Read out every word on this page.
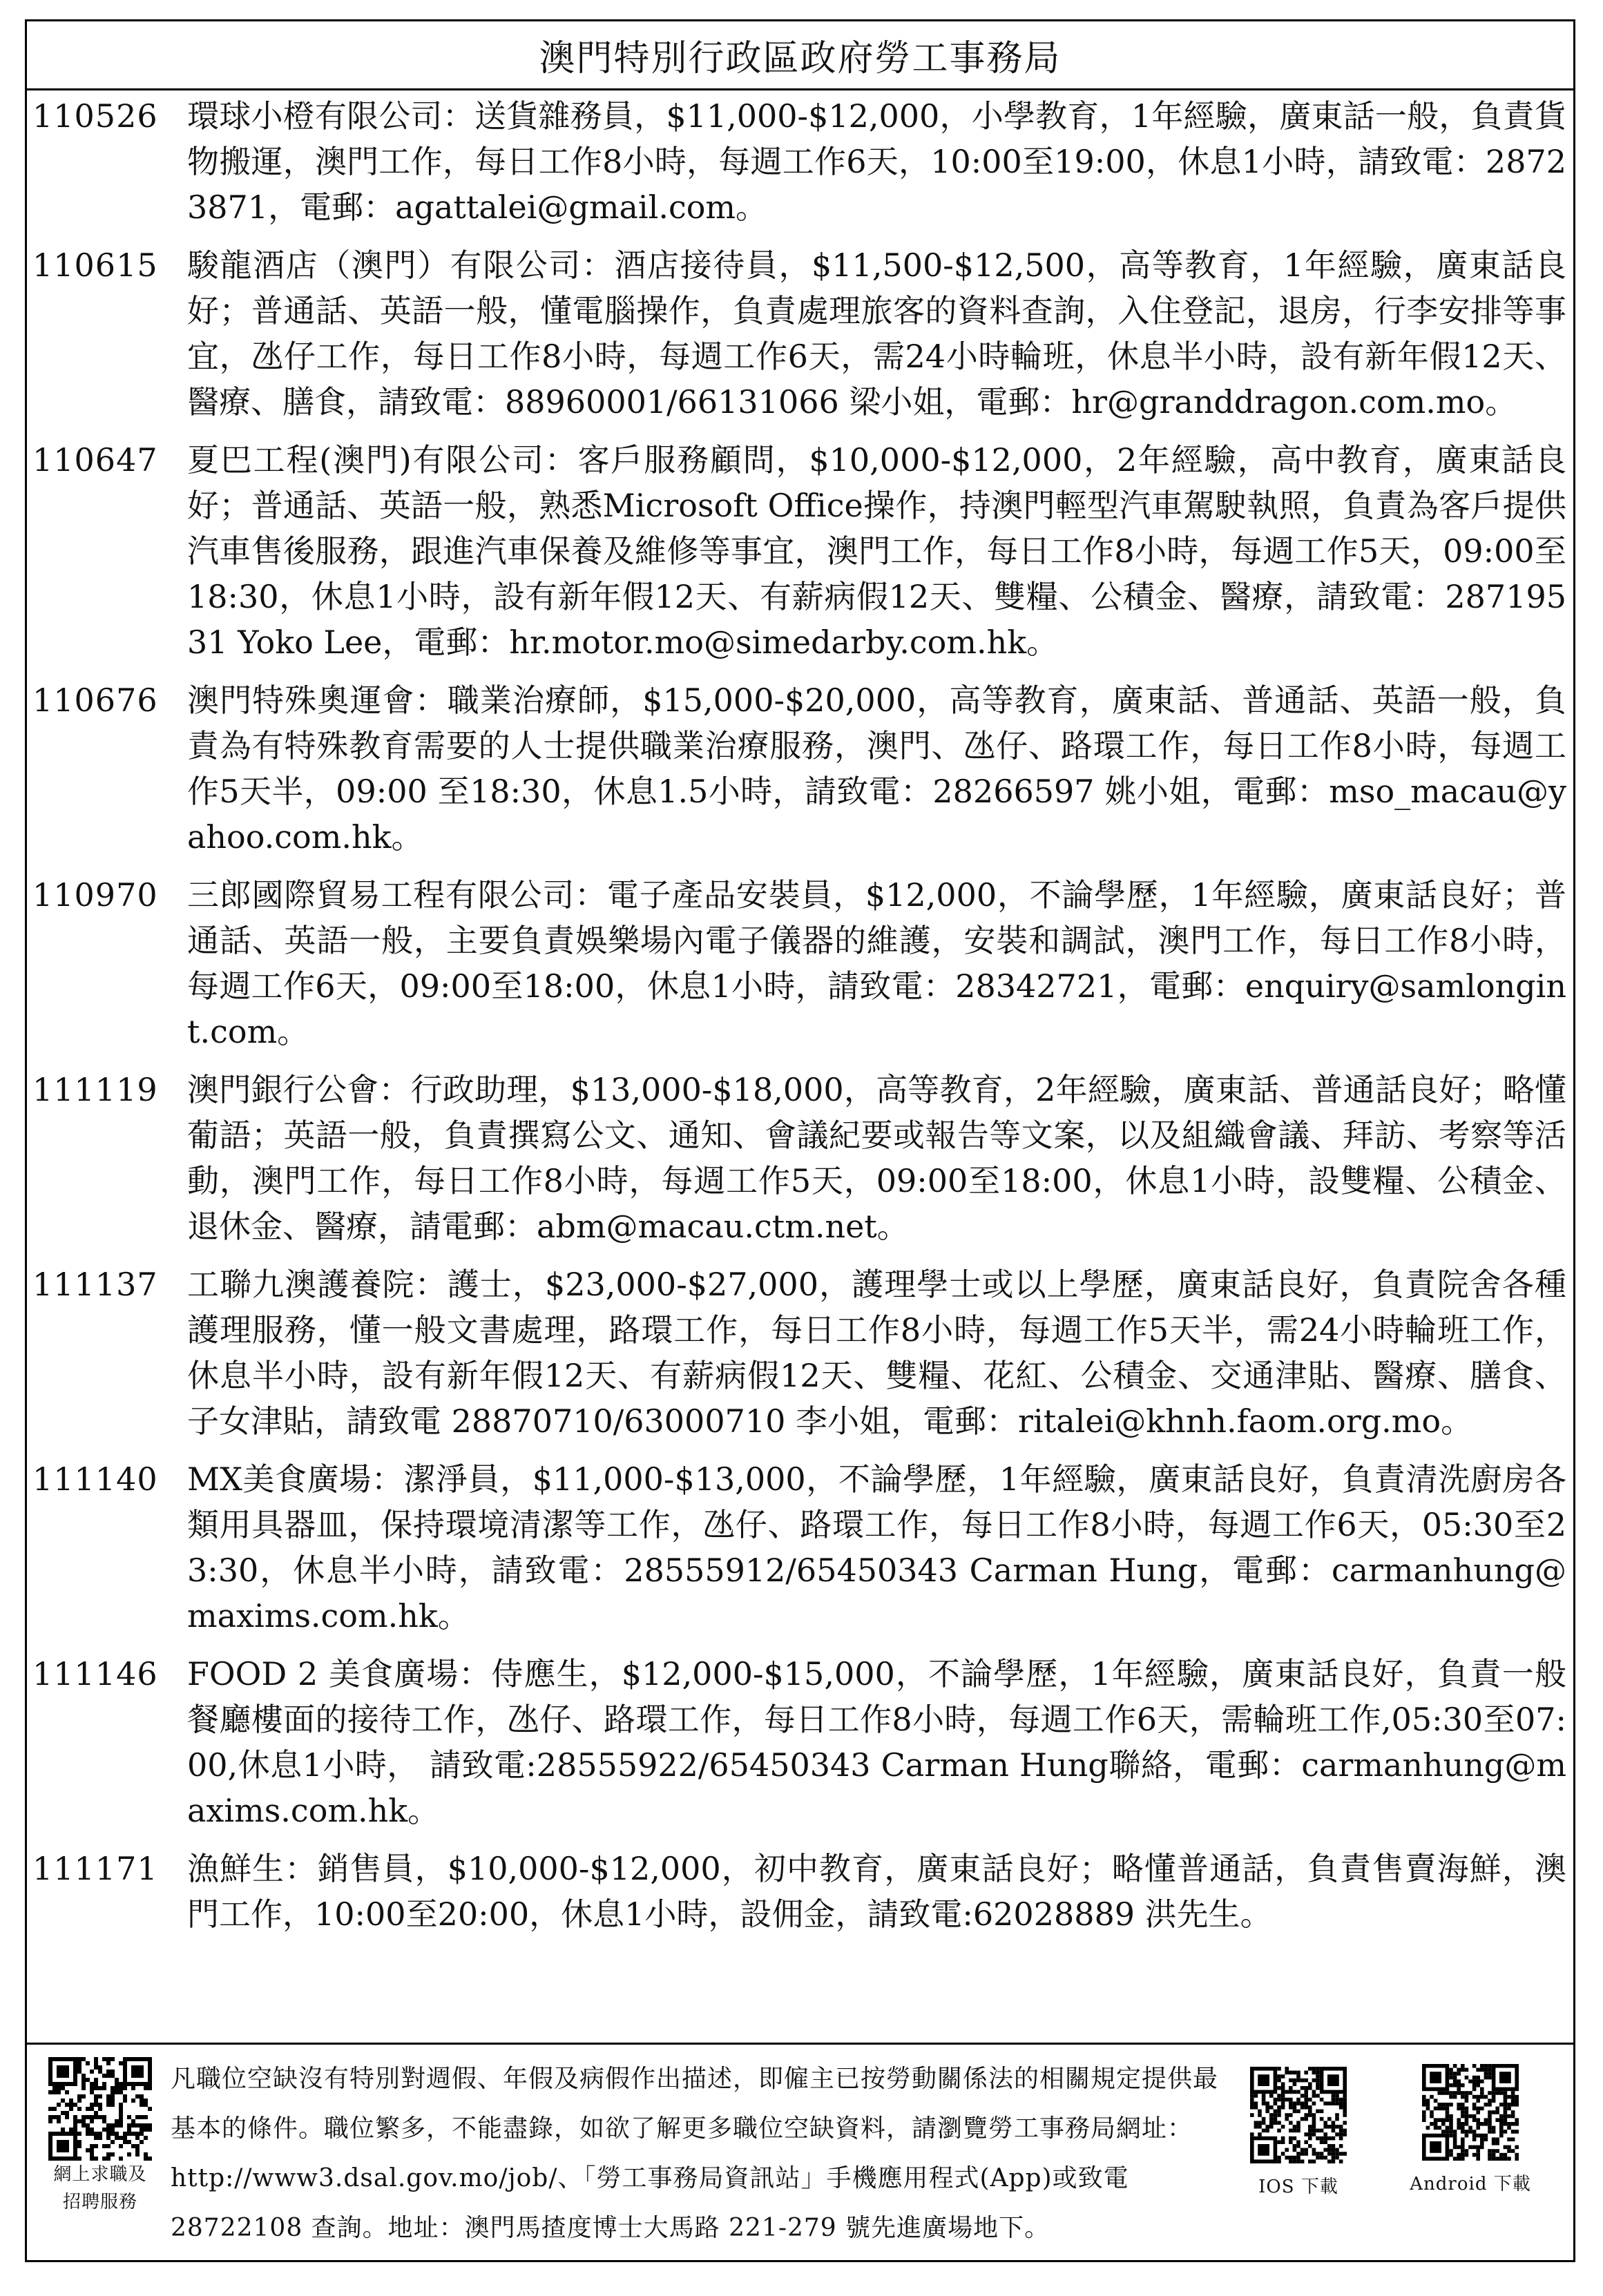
澳門特別行政區政府勞工事務局
110526 環球小橙有限公司：送貨雜務員，$11,000-$12,000，小學教育，1年經驗，廣東話一般，負責貨物搬運，澳門工作，每日工作8小時，每週工作6天，10:00至19:00，休息1小時，請致電：28723871，電郵：agattalei@gmail.com。
110615 駿龍酒店（澳門）有限公司：酒店接待員，$11,500-$12,500，高等教育，1年經驗，廣東話良好；普通話、英語一般，懂電腦操作，負責處理旅客的資料查詢，入住登記，退房，行李安排等事宜，氹仔工作，每日工作8小時，每週工作6天，需24小時輪班，休息半小時，設有新年假12天、醫療、膳食，請致電：88960001/66131066 梁小姐，電郵：hr@granddragon.com.mo。
110647 夏巴工程(澳門)有限公司：客戶服務顧問，$10,000-$12,000，2年經驗，高中教育，廣東話良好；普通話、英語一般，熟悉Microsoft Office操作，持澳門輕型汽車駕駛執照，負責為客戶提供汽車售後服務，跟進汽車保養及維修等事宜，澳門工作，每日工作8小時，每週工作5天，09:00至 18:30，休息1小時，設有新年假12天、有薪病假12天、雙糧、公積金、醫療，請致電：28719531 Yoko Lee，電郵：hr.motor.mo@simedarby.com.hk。
110676 澳門特殊奧運會：職業治療師，$15,000-$20,000，高等教育，廣東話、普通話、英語一般，負責為有特殊教育需要的人士提供職業治療服務，澳門、氹仔、路環工作，每日工作8小時，每週工作5天半，09:00 至18:30，休息1.5小時，請致電：28266597 姚小姐，電郵：mso_macau@yahoo.com.hk。
110970 三郎國際貿易工程有限公司：電子產品安裝員，$12,000，不論學歷，1年經驗，廣東話良好；普通話、英語一般，主要負責娛樂場內電子儀器的維護，安裝和調試，澳門工作，每日工作8小時，每週工作6天，09:00至18:00，休息1小時，請致電：28342721，電郵：enquiry@samlongint.com。
111119 澳門銀行公會：行政助理，$13,000-$18,000，高等教育，2年經驗，廣東話、普通話良好；略懂葡語；英語一般，負責撰寫公文、通知、會議紀要或報告等文案，以及組織會議、拜訪、考察等活動，澳門工作，每日工作8小時，每週工作5天，09:00至18:00，休息1小時，設雙糧、公積金、退休金、醫療，請電郵：abm@macau.ctm.net。
111137 工聯九澳護養院：護士，$23,000-$27,000，護理學士或以上學歷，廣東話良好，負責院舍各種護理服務，懂一般文書處理，路環工作，每日工作8小時，每週工作5天半，需24小時輪班工作，休息半小時，設有新年假12天、有薪病假12天、雙糧、花紅、公積金、交通津貼、醫療、膳食、子女津貼，請致電 28870710/63000710 李小姐，電郵：ritalei@khnh.faom.org.mo。
111140 MX美食廣場：潔淨員，$11,000-$13,000，不論學歷，1年經驗，廣東話良好，負責清洗廚房各類用具器皿，保持環境清潔等工作，氹仔、路環工作，每日工作8小時，每週工作6天，05:30至23:30，休息半小時，請致電：28555912/65450343 Carman Hung，電郵：carmanhung@maxims.com.hk。
111146 FOOD 2 美食廣場：侍應生，$12,000-$15,000，不論學歷，1年經驗，廣東話良好，負責一般餐廳樓面的接待工作，氹仔、路環工作，每日工作8小時，每週工作6天，需輪班工作,05:30至07:00,休息1小時， 請致電:28555922/65450343 Carman Hung聯絡，電郵：carmanhung@maxims.com.hk。
111171 漁鮮生：銷售員，$10,000-$12,000，初中教育，廣東話良好；略懂普通話，負責售賣海鮮，澳門工作，10:00至20:00，休息1小時，設佣金，請致電:62028889 洪先生。
網上求職及
招聘服務
凡職位空缺沒有特別對週假、年假及病假作出描述，即僱主已按勞動關係法的相關規定提供最基本的條件。職位繁多，不能盡錄，如欲了解更多職位空缺資料，請瀏覽勞工事務局網址：http://www3.dsal.gov.mo/job/、「勞工事務局資訊站」手機應用程式(App)或致電 28722108 查詢。地址：澳門馬揸度博士大馬路 221-279 號先進廣場地下。
IOS 下載	Android 下載
